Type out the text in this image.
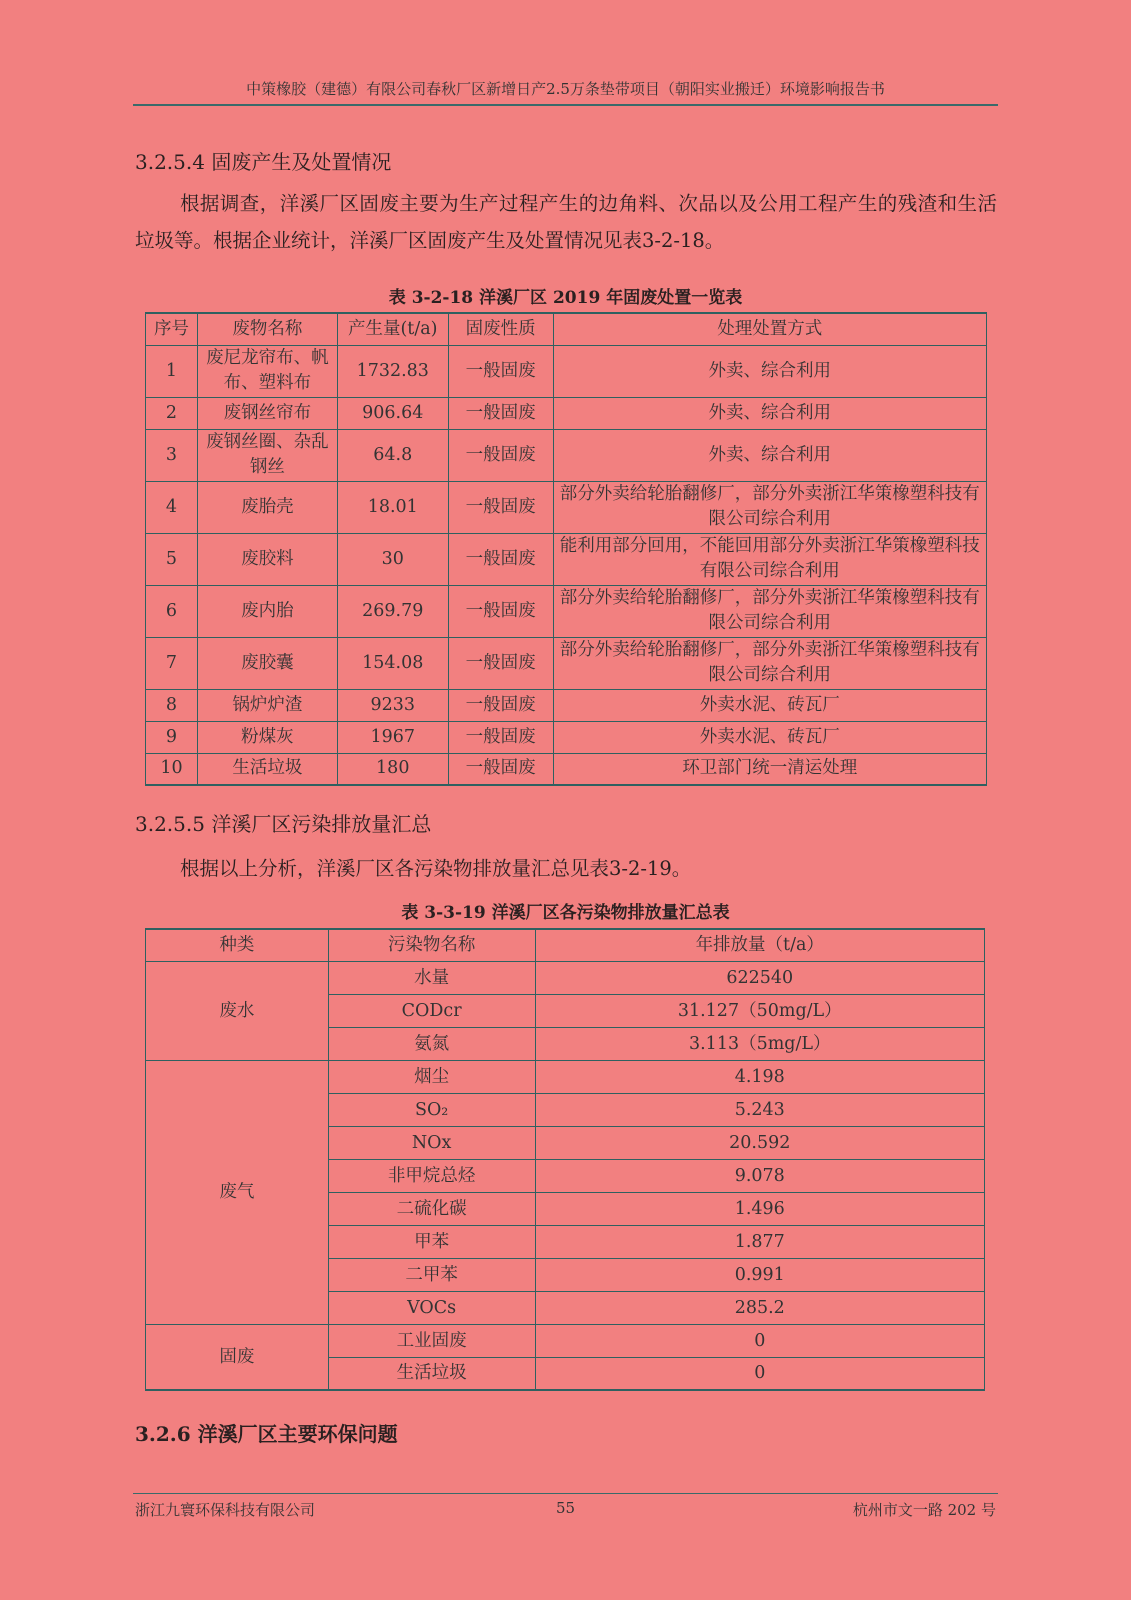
中策橡胶（建德）有限公司春秋厂区新增日产2.5万条垫带项目（朝阳实业搬迁）环境影响报告书
3.2.5.4 固废产生及处置情况
根据调查，洋溪厂区固废主要为生产过程产生的边角料、次品以及公用工程产生的残渣和生活垃圾等。根据企业统计，洋溪厂区固废产生及处置情况见表3-2-18。
表 3-2-18 洋溪厂区 2019 年固废处置一览表
序号	废物名称	产生量(t/a)	固废性质	处理处置方式
1	废尼龙帘布、帆布、塑料布	1732.83	一般固废	外卖、综合利用
2	废钢丝帘布	906.64	一般固废	外卖、综合利用
3	废钢丝圈、杂乱钢丝	64.8	一般固废	外卖、综合利用
4	废胎壳	18.01	一般固废	部分外卖给轮胎翻修厂，部分外卖浙江华策橡塑科技有限公司综合利用
5	废胶料	30	一般固废	能利用部分回用，不能回用部分外卖浙江华策橡塑科技有限公司综合利用
6	废内胎	269.79	一般固废	部分外卖给轮胎翻修厂，部分外卖浙江华策橡塑科技有限公司综合利用
7	废胶囊	154.08	一般固废	部分外卖给轮胎翻修厂，部分外卖浙江华策橡塑科技有限公司综合利用
8	锅炉炉渣	9233	一般固废	外卖水泥、砖瓦厂
9	粉煤灰	1967	一般固废	外卖水泥、砖瓦厂
10	生活垃圾	180	一般固废	环卫部门统一清运处理
3.2.5.5 洋溪厂区污染排放量汇总
根据以上分析，洋溪厂区各污染物排放量汇总见表3-2-19。
表 3-3-19 洋溪厂区各污染物排放量汇总表
种类	污染物名称	年排放量（t/a）
废水	水量	622540
	CODcr	31.127（50mg/L）
	氨氮	3.113（5mg/L）
废气	烟尘	4.198
	SO₂	5.243
	NOx	20.592
	非甲烷总烃	9.078
	二硫化碳	1.496
	甲苯	1.877
	二甲苯	0.991
	VOCs	285.2
固废	工业固废	0
	生活垃圾	0
3.2.6 洋溪厂区主要环保问题
浙江九寰环保科技有限公司	55	杭州市文一路 202 号
